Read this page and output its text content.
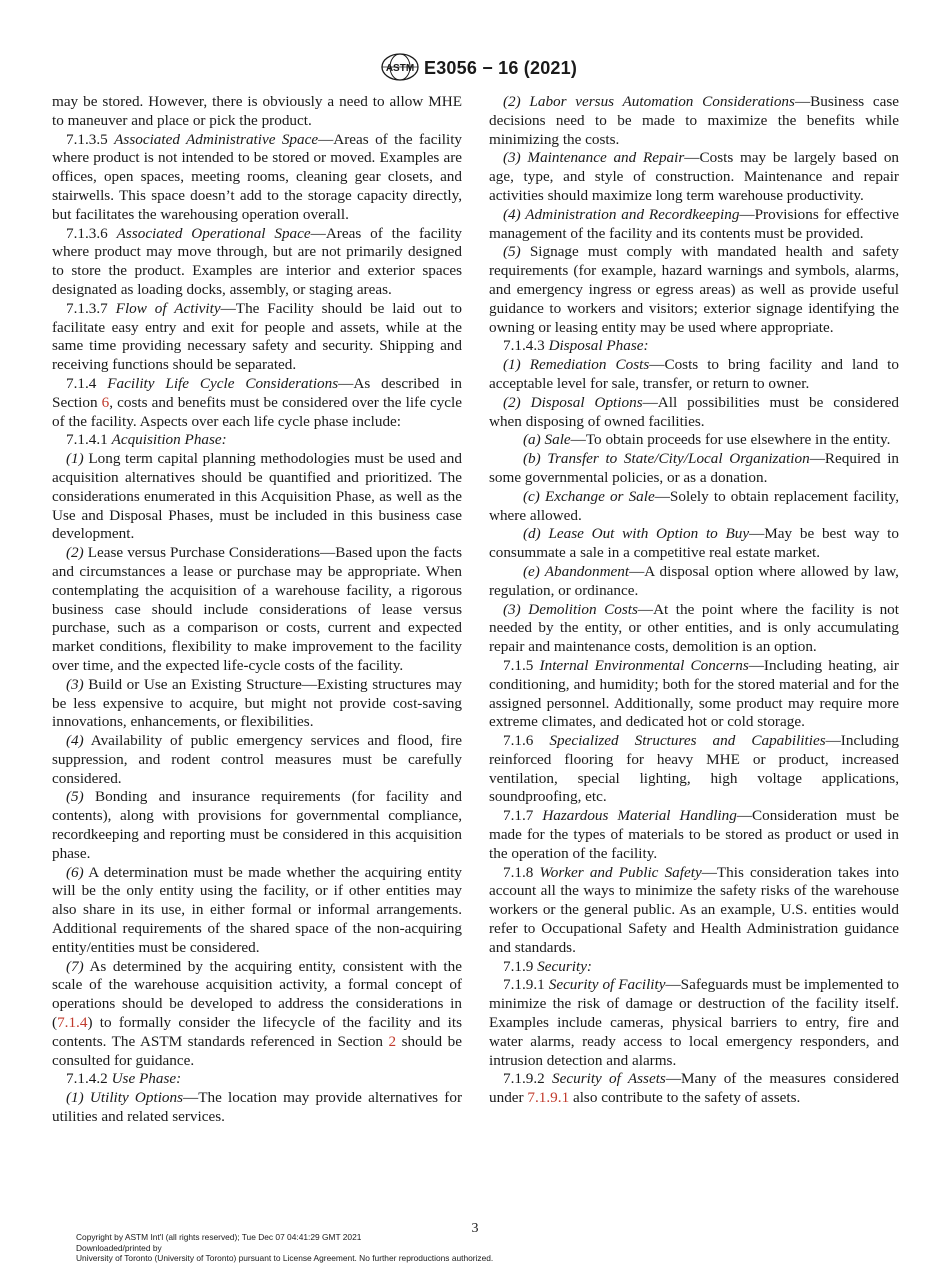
ASTM E3056 − 16 (2021)

may be stored. However, there is obviously a need to allow MHE to maneuver and place or pick the product.

7.1.3.5 Associated Administrative Space—Areas of the facility where product is not intended to be stored or moved. Examples are offices, open spaces, meeting rooms, cleaning gear closets, and stairwells. This space doesn’t add to the storage capacity directly, but facilitates the warehousing operation overall.

7.1.3.6 Associated Operational Space—Areas of the facility where product may move through, but are not primarily designed to store the product. Examples are interior and exterior spaces designated as loading docks, assembly, or staging areas.

7.1.3.7 Flow of Activity—The Facility should be laid out to facilitate easy entry and exit for people and assets, while at the same time providing necessary safety and security. Shipping and receiving functions should be separated.

7.1.4 Facility Life Cycle Considerations—As described in Section 6, costs and benefits must be considered over the life cycle of the facility. Aspects over each life cycle phase include:

7.1.4.1 Acquisition Phase:

(1) Long term capital planning methodologies must be used and acquisition alternatives should be quantified and prioritized. The considerations enumerated in this Acquisition Phase, as well as the Use and Disposal Phases, must be included in this business case development.

(2) Lease versus Purchase Considerations—Based upon the facts and circumstances a lease or purchase may be appropriate. When contemplating the acquisition of a warehouse facility, a rigorous business case should include considerations of lease versus purchase, such as a comparison or costs, current and expected market conditions, flexibility to make improvement to the facility over time, and the expected life-cycle costs of the facility.

(3) Build or Use an Existing Structure—Existing structures may be less expensive to acquire, but might not provide cost-saving innovations, enhancements, or flexibilities.

(4) Availability of public emergency services and flood, fire suppression, and rodent control measures must be carefully considered.

(5) Bonding and insurance requirements (for facility and contents), along with provisions for governmental compliance, recordkeeping and reporting must be considered in this acquisition phase.

(6) A determination must be made whether the acquiring entity will be the only entity using the facility, or if other entities may also share in its use, in either formal or informal arrangements. Additional requirements of the shared space of the non-acquiring entity/entities must be considered.

(7) As determined by the acquiring entity, consistent with the scale of the warehouse acquisition activity, a formal concept of operations should be developed to address the considerations in (7.1.4) to formally consider the lifecycle of the facility and its contents. The ASTM standards referenced in Section 2 should be consulted for guidance.

7.1.4.2 Use Phase:

(1) Utility Options—The location may provide alternatives for utilities and related services.

(2) Labor versus Automation Considerations—Business case decisions need to be made to maximize the benefits while minimizing the costs.

(3) Maintenance and Repair—Costs may be largely based on age, type, and style of construction. Maintenance and repair activities should maximize long term warehouse productivity.

(4) Administration and Recordkeeping—Provisions for effective management of the facility and its contents must be provided.

(5) Signage must comply with mandated health and safety requirements (for example, hazard warnings and symbols, alarms, and emergency ingress or egress areas) as well as provide useful guidance to workers and visitors; exterior signage identifying the owning or leasing entity may be used where appropriate.

7.1.4.3 Disposal Phase:

(1) Remediation Costs—Costs to bring facility and land to acceptable level for sale, transfer, or return to owner.

(2) Disposal Options—All possibilities must be considered when disposing of owned facilities.

(a) Sale—To obtain proceeds for use elsewhere in the entity.

(b) Transfer to State/City/Local Organization—Required in some governmental policies, or as a donation.

(c) Exchange or Sale—Solely to obtain replacement facility, where allowed.

(d) Lease Out with Option to Buy—May be best way to consummate a sale in a competitive real estate market.

(e) Abandonment—A disposal option where allowed by law, regulation, or ordinance.

(3) Demolition Costs—At the point where the facility is not needed by the entity, or other entities, and is only accumulating repair and maintenance costs, demolition is an option.

7.1.5 Internal Environmental Concerns—Including heating, air conditioning, and humidity; both for the stored material and for the assigned personnel. Additionally, some product may require more extreme climates, and dedicated hot or cold storage.

7.1.6 Specialized Structures and Capabilities—Including reinforced flooring for heavy MHE or product, increased ventilation, special lighting, high voltage applications, soundproofing, etc.

7.1.7 Hazardous Material Handling—Consideration must be made for the types of materials to be stored as product or used in the operation of the facility.

7.1.8 Worker and Public Safety—This consideration takes into account all the ways to minimize the safety risks of the warehouse workers or the general public. As an example, U.S. entities would refer to Occupational Safety and Health Administration guidance and standards.

7.1.9 Security:

7.1.9.1 Security of Facility—Safeguards must be implemented to minimize the risk of damage or destruction of the facility itself. Examples include cameras, physical barriers to entry, fire and water alarms, ready access to local emergency responders, and intrusion detection and alarms.

7.1.9.2 Security of Assets—Many of the measures considered under 7.1.9.1 also contribute to the safety of assets.

3
Copyright by ASTM Int'l (all rights reserved); Tue Dec 07 04:41:29 GMT 2021
Downloaded/printed by
University of Toronto (University of Toronto) pursuant to License Agreement. No further reproductions authorized.
